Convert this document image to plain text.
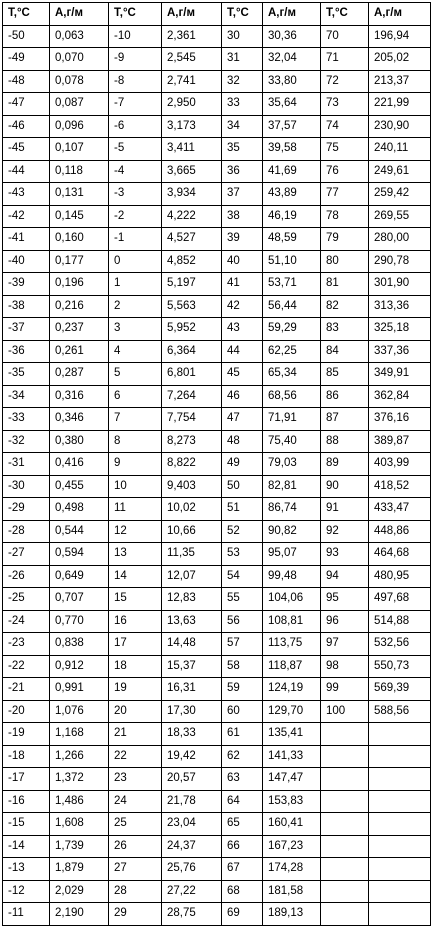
T,°C	A,г/м	T,°C	A,г/м	T,°C	A,г/м	T,°C	A,г/м
-50	0,063	-10	2,361	30	30,36	70	196,94
-49	0,070	-9	2,545	31	32,04	71	205,02
-48	0,078	-8	2,741	32	33,80	72	213,37
-47	0,087	-7	2,950	33	35,64	73	221,99
-46	0,096	-6	3,173	34	37,57	74	230,90
-45	0,107	-5	3,411	35	39,58	75	240,11
-44	0,118	-4	3,665	36	41,69	76	249,61
-43	0,131	-3	3,934	37	43,89	77	259,42
-42	0,145	-2	4,222	38	46,19	78	269,55
-41	0,160	-1	4,527	39	48,59	79	280,00
-40	0,177	0	4,852	40	51,10	80	290,78
-39	0,196	1	5,197	41	53,71	81	301,90
-38	0,216	2	5,563	42	56,44	82	313,36
-37	0,237	3	5,952	43	59,29	83	325,18
-36	0,261	4	6,364	44	62,25	84	337,36
-35	0,287	5	6,801	45	65,34	85	349,91
-34	0,316	6	7,264	46	68,56	86	362,84
-33	0,346	7	7,754	47	71,91	87	376,16
-32	0,380	8	8,273	48	75,40	88	389,87
-31	0,416	9	8,822	49	79,03	89	403,99
-30	0,455	10	9,403	50	82,81	90	418,52
-29	0,498	11	10,02	51	86,74	91	433,47
-28	0,544	12	10,66	52	90,82	92	448,86
-27	0,594	13	11,35	53	95,07	93	464,68
-26	0,649	14	12,07	54	99,48	94	480,95
-25	0,707	15	12,83	55	104,06	95	497,68
-24	0,770	16	13,63	56	108,81	96	514,88
-23	0,838	17	14,48	57	113,75	97	532,56
-22	0,912	18	15,37	58	118,87	98	550,73
-21	0,991	19	16,31	59	124,19	99	569,39
-20	1,076	20	17,30	60	129,70	100	588,56
-19	1,168	21	18,33	61	135,41		
-18	1,266	22	19,42	62	141,33		
-17	1,372	23	20,57	63	147,47		
-16	1,486	24	21,78	64	153,83		
-15	1,608	25	23,04	65	160,41		
-14	1,739	26	24,37	66	167,23		
-13	1,879	27	25,76	67	174,28		
-12	2,029	28	27,22	68	181,58		
-11	2,190	29	28,75	69	189,13		
